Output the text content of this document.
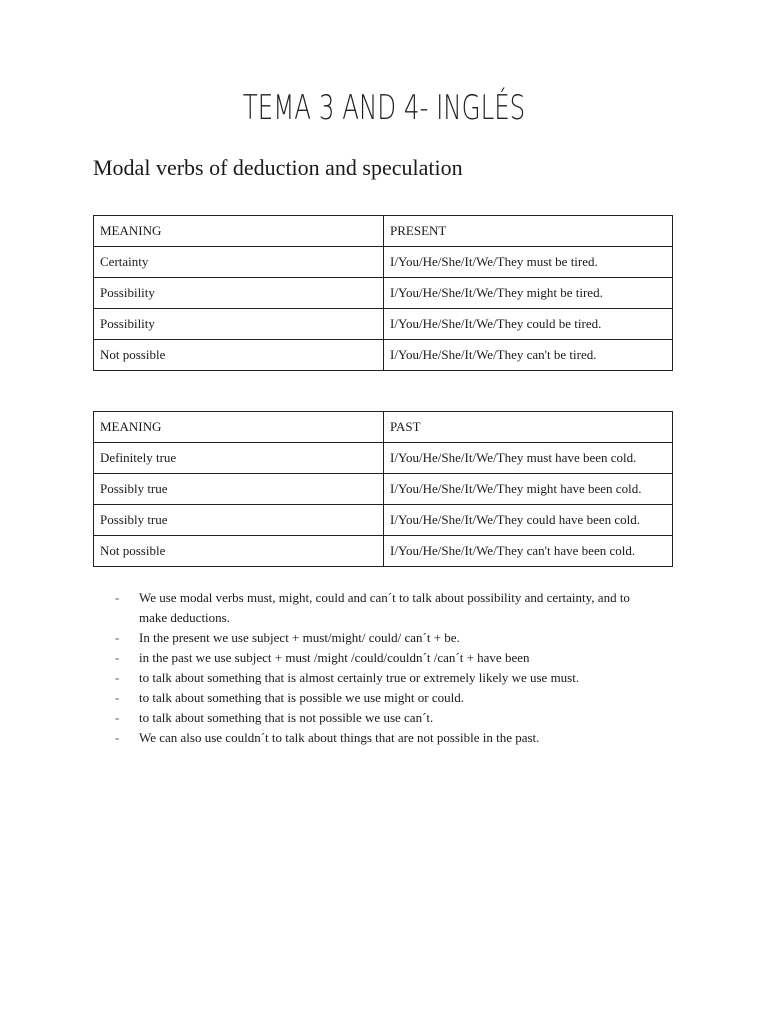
TEMA 3 AND 4- INGLÉS
Modal verbs of deduction and speculation
MEANING	PRESENT
Certainty	I/You/He/She/It/We/They must be tired.
Possibility	I/You/He/She/It/We/They might be tired.
Possibility	I/You/He/She/It/We/They could be tired.
Not possible	I/You/He/She/It/We/They can't be tired.
MEANING	PAST
Definitely true	I/You/He/She/It/We/They must have been cold.
Possibly true	I/You/He/She/It/We/They might have been cold.
Possibly true	I/You/He/She/It/We/They could have been cold.
Not possible	I/You/He/She/It/We/They can't have been cold.
- We use modal verbs must, might, could and can´t to talk about possibility and certainty, and to make deductions.
- In the present we use subject + must/might/ could/ can´t + be.
- in the past we use subject + must /might /could/couldn´t /can´t + have been
- to talk about something that is almost certainly true or extremely likely we use must.
- to talk about something that is possible we use might or could.
- to talk about something that is not possible we use can´t.
- We can also use couldn´t to talk about things that are not possible in the past.
